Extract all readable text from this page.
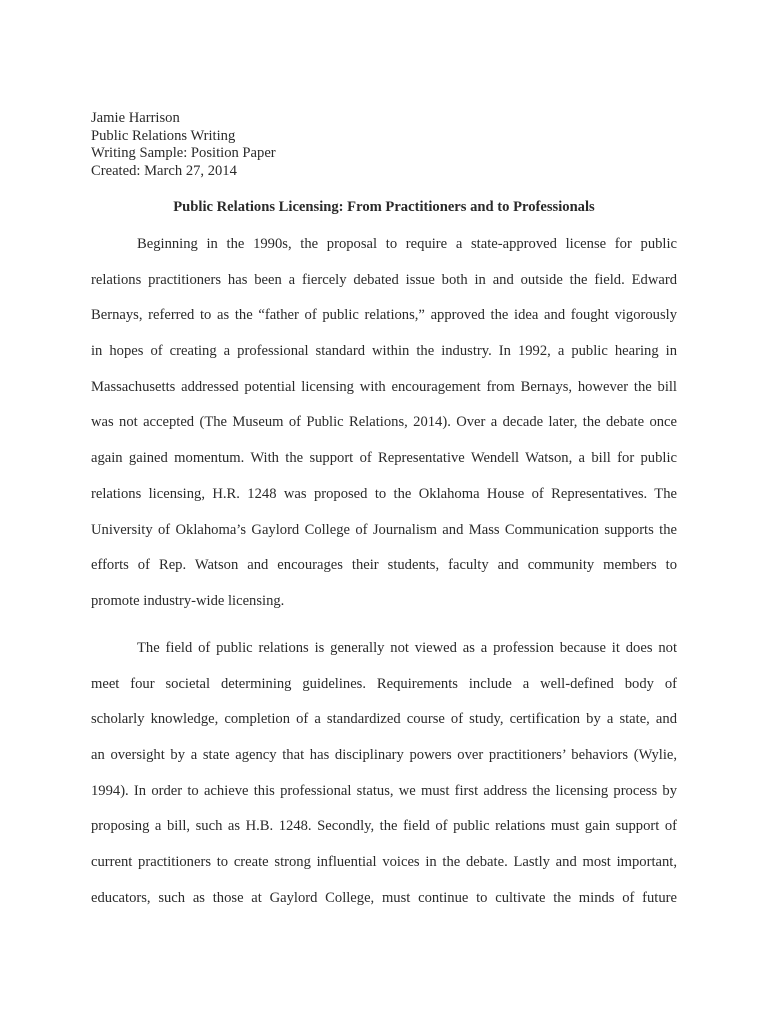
Jamie Harrison
Public Relations Writing
Writing Sample: Position Paper
Created: March 27, 2014
Public Relations Licensing: From Practitioners and to Professionals
Beginning in the 1990s, the proposal to require a state-approved license for public
relations practitioners has been a fiercely debated issue both in and outside the field. Edward
Bernays, referred to as the “father of public relations,” approved the idea and fought vigorously
in hopes of creating a professional standard within the industry. In 1992, a public hearing in
Massachusetts addressed potential licensing with encouragement from Bernays, however the bill
was not accepted (The Museum of Public Relations, 2014). Over a decade later, the debate once
again gained momentum. With the support of Representative Wendell Watson, a bill for public
relations licensing, H.R. 1248 was proposed to the Oklahoma House of Representatives. The
University of Oklahoma’s Gaylord College of Journalism and Mass Communication supports the
efforts of Rep. Watson and encourages their students, faculty and community members to
promote industry-wide licensing.
The field of public relations is generally not viewed as a profession because it does not
meet four societal determining guidelines. Requirements include a well-defined body of
scholarly knowledge, completion of a standardized course of study, certification by a state, and
an oversight by a state agency that has disciplinary powers over practitioners’ behaviors (Wylie,
1994). In order to achieve this professional status, we must first address the licensing process by
proposing a bill, such as H.B. 1248. Secondly, the field of public relations must gain support of
current practitioners to create strong influential voices in the debate. Lastly and most important,
educators, such as those at Gaylord College, must continue to cultivate the minds of future
